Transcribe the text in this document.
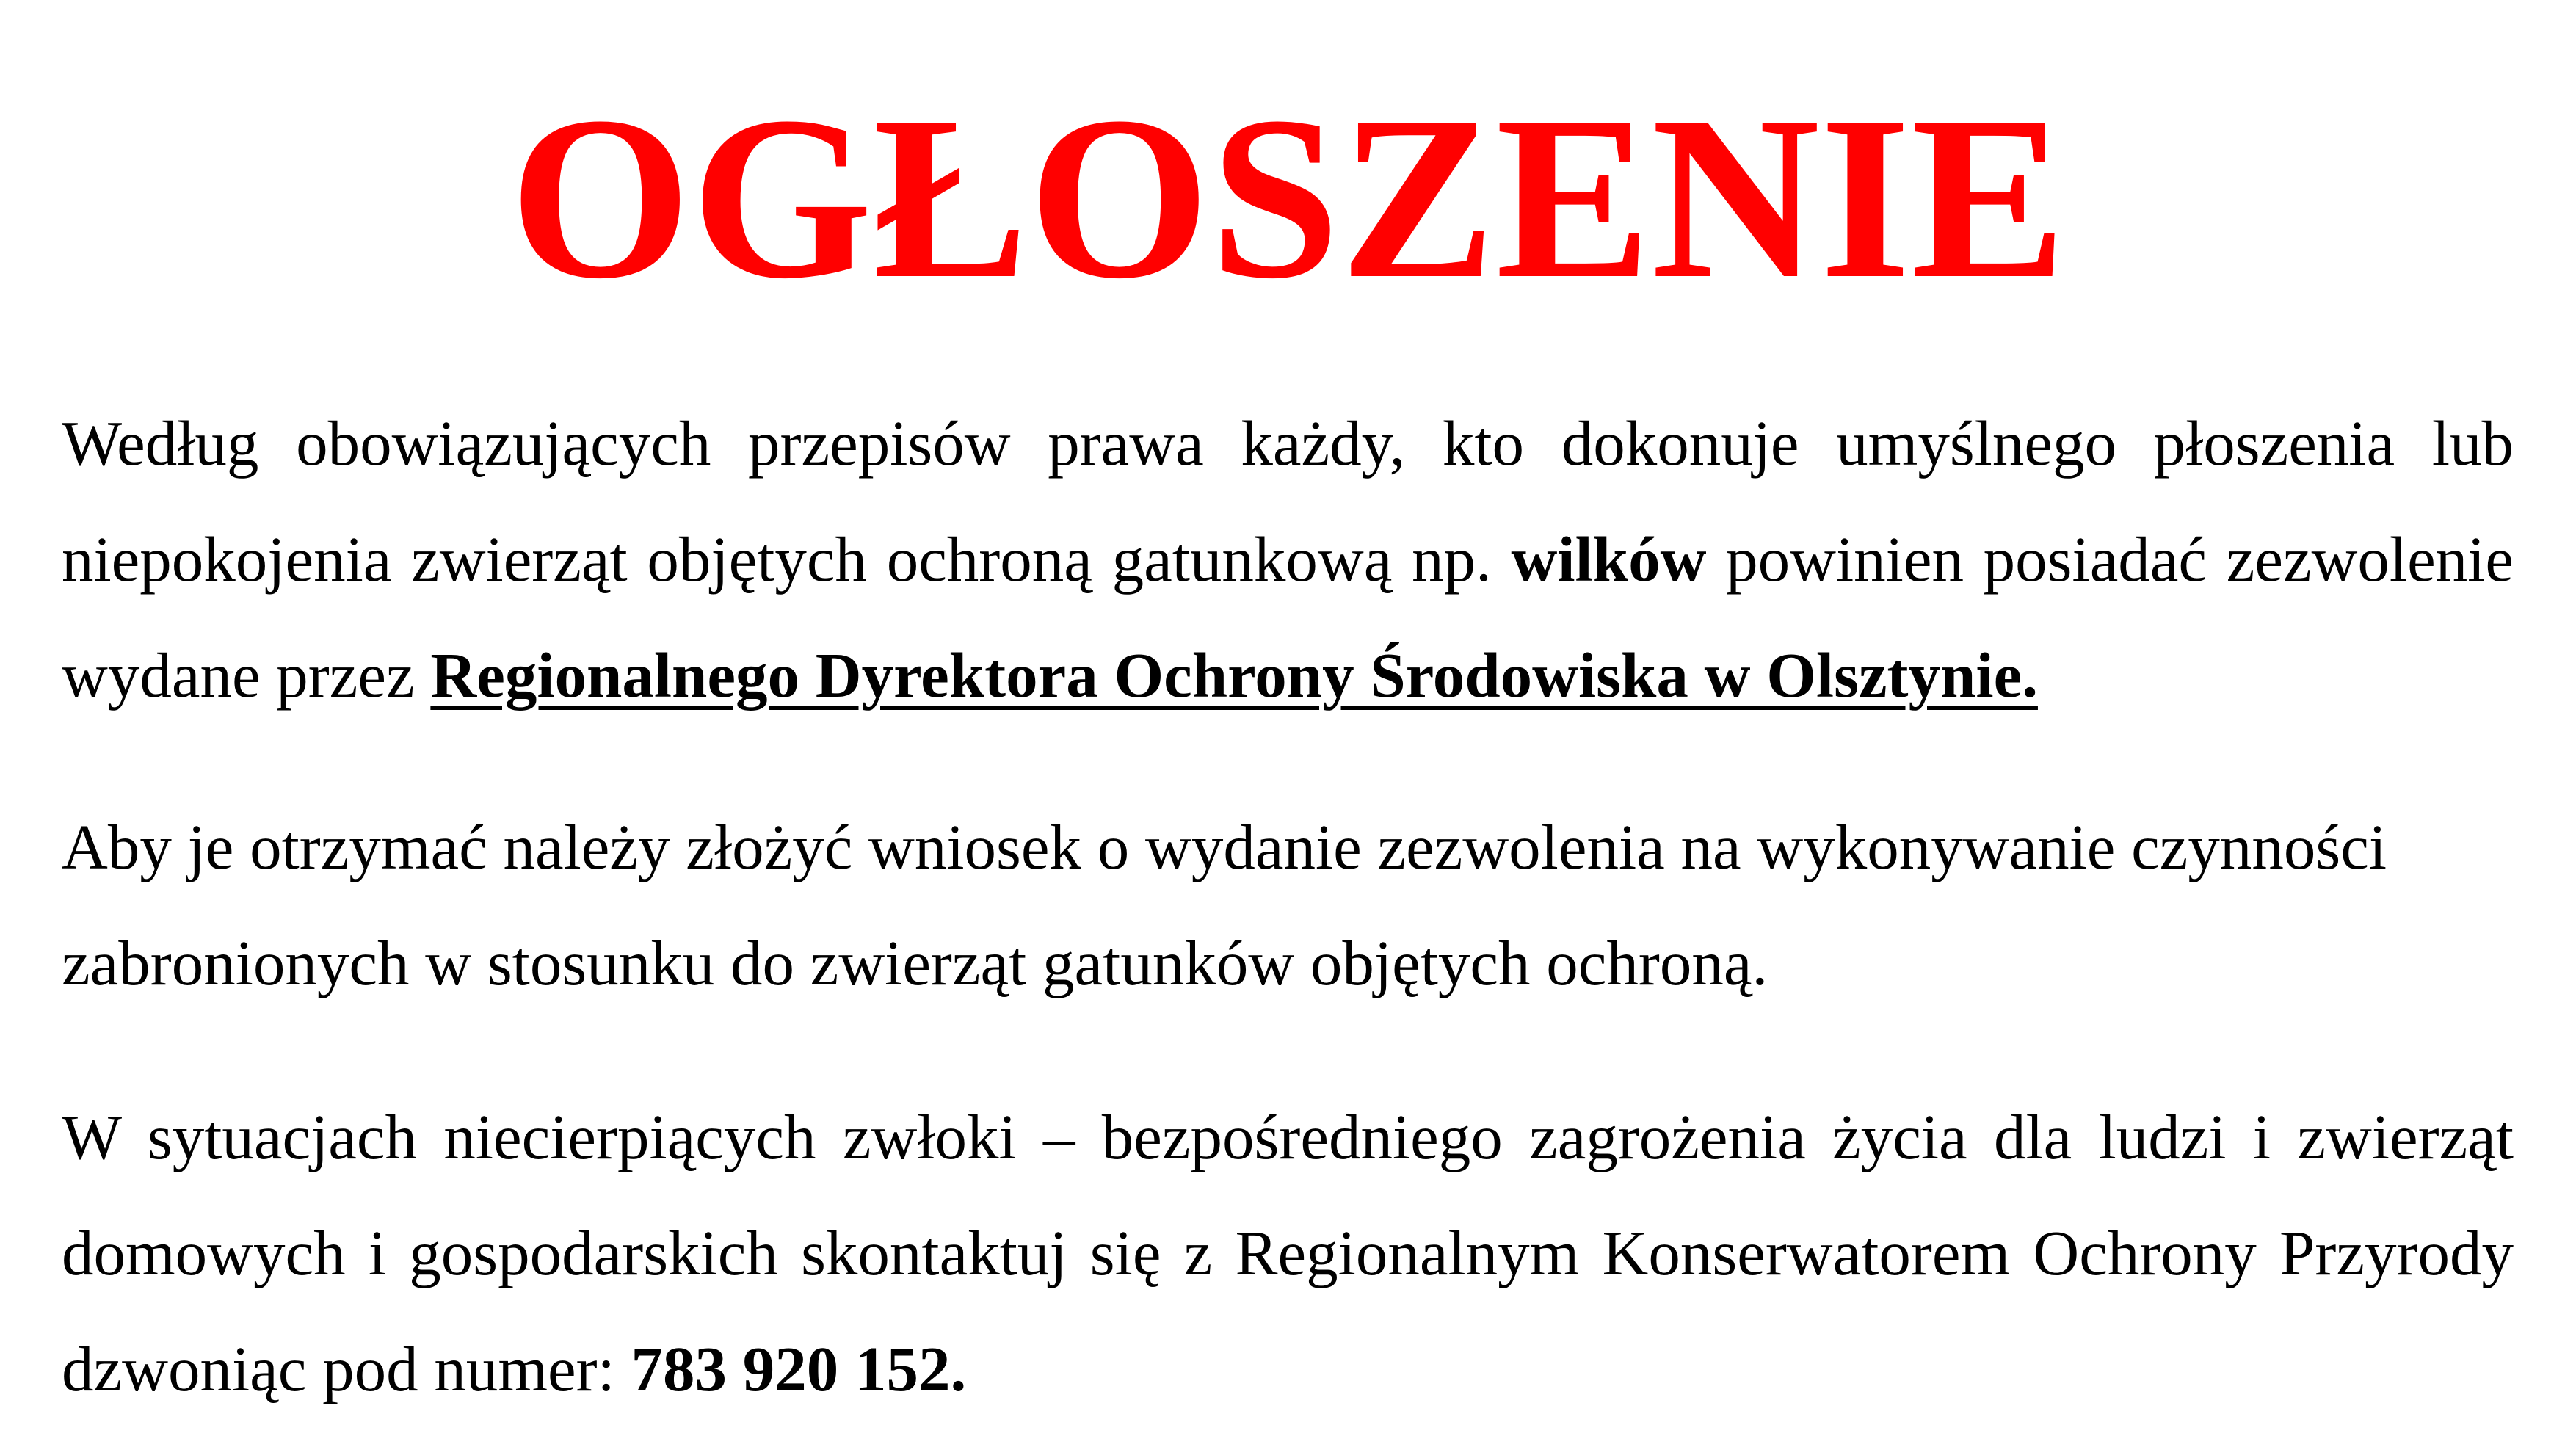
OGŁOSZENIE

Według obowiązujących przepisów prawa każdy, kto dokonuje umyślnego płoszenia lub niepokojenia zwierząt objętych ochroną gatunkową np. wilków powinien posiadać zezwolenie wydane przez Regionalnego Dyrektora Ochrony Środowiska w Olsztynie.

Aby je otrzymać należy złożyć wniosek o wydanie zezwolenia na wykonywanie czynności zabronionych w stosunku do zwierząt gatunków objętych ochroną.

W sytuacjach niecierpiących zwłoki – bezpośredniego zagrożenia życia dla ludzi i zwierząt domowych i gospodarskich skontaktuj się z Regionalnym Konserwatorem Ochrony Przyrody dzwoniąc pod numer: 783 920 152.
